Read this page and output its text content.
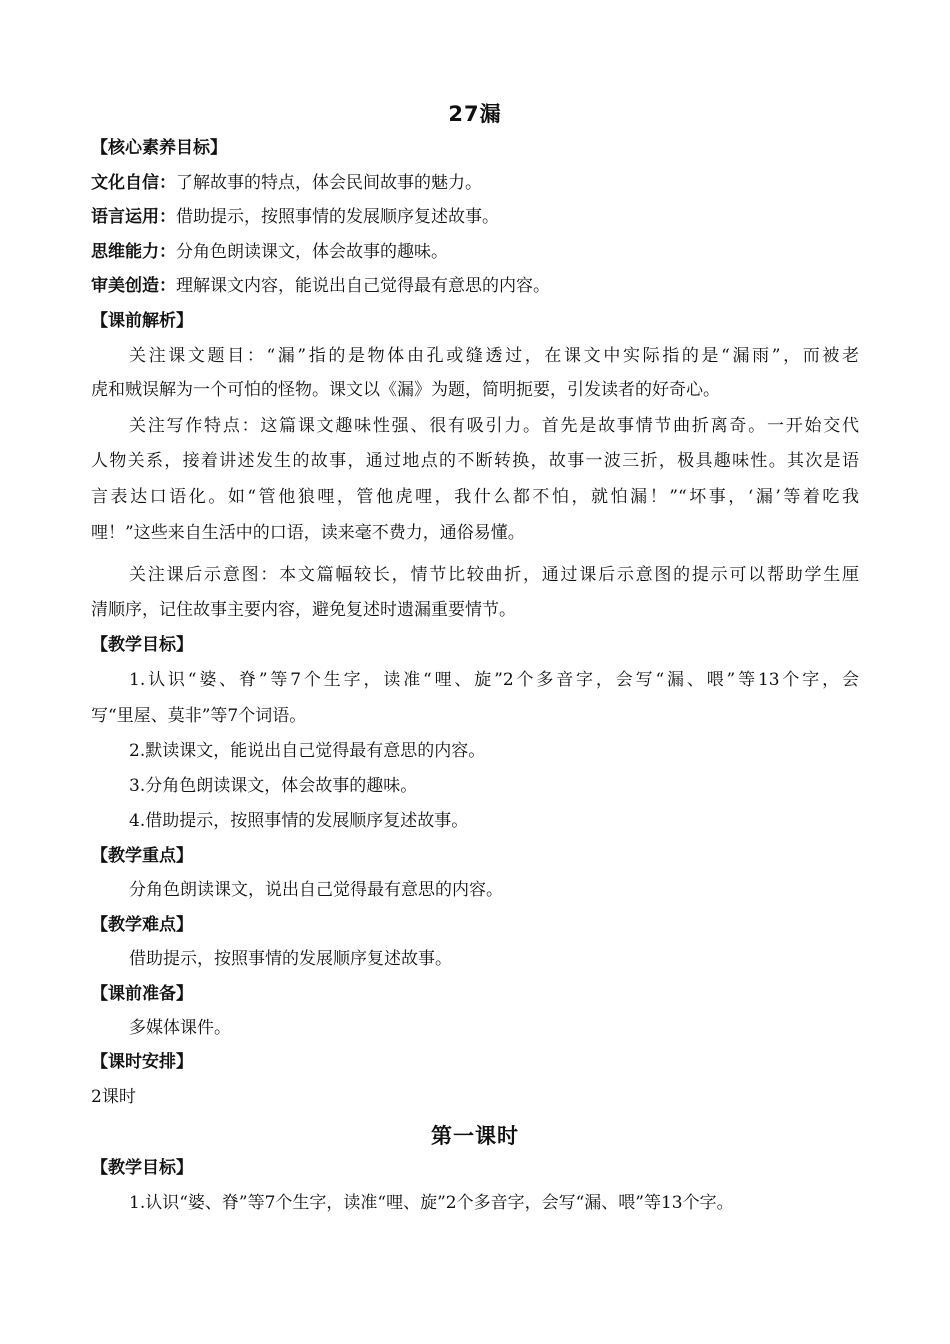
27漏
【核心素养目标】
文化自信：了解故事的特点，体会民间故事的魅力。
语言运用：借助提示，按照事情的发展顺序复述故事。
思维能力：分角色朗读课文，体会故事的趣味。
审美创造：理解课文内容，能说出自己觉得最有意思的内容。
【课前解析】
关注课文题目：“漏”指的是物体由孔或缝透过，在课文中实际指的是“漏雨”，而被老
虎和贼误解为一个可怕的怪物。课文以《漏》为题，简明扼要，引发读者的好奇心。
关注写作特点：这篇课文趣味性强、很有吸引力。首先是故事情节曲折离奇。一开始交代
人物关系，接着讲述发生的故事，通过地点的不断转换，故事一波三折，极具趣味性。其次是语
言表达口语化。如“管他狼哩，管他虎哩，我什么都不怕，就怕漏！”“坏事，‘漏’等着吃我
哩！”这些来自生活中的口语，读来毫不费力，通俗易懂。
关注课后示意图：本文篇幅较长，情节比较曲折，通过课后示意图的提示可以帮助学生厘
清顺序，记住故事主要内容，避免复述时遗漏重要情节。
【教学目标】
1.认识“婆、脊”等7个生字，读准“哩、旋”2个多音字，会写“漏、喂”等13个字，会
写“里屋、莫非”等7个词语。
2.默读课文，能说出自己觉得最有意思的内容。
3.分角色朗读课文，体会故事的趣味。
4.借助提示，按照事情的发展顺序复述故事。
【教学重点】
分角色朗读课文，说出自己觉得最有意思的内容。
【教学难点】
借助提示，按照事情的发展顺序复述故事。
【课前准备】
多媒体课件。
【课时安排】
2课时
第一课时
【教学目标】
1.认识“婆、脊”等7个生字，读准“哩、旋”2个多音字，会写“漏、喂”等13个字。
